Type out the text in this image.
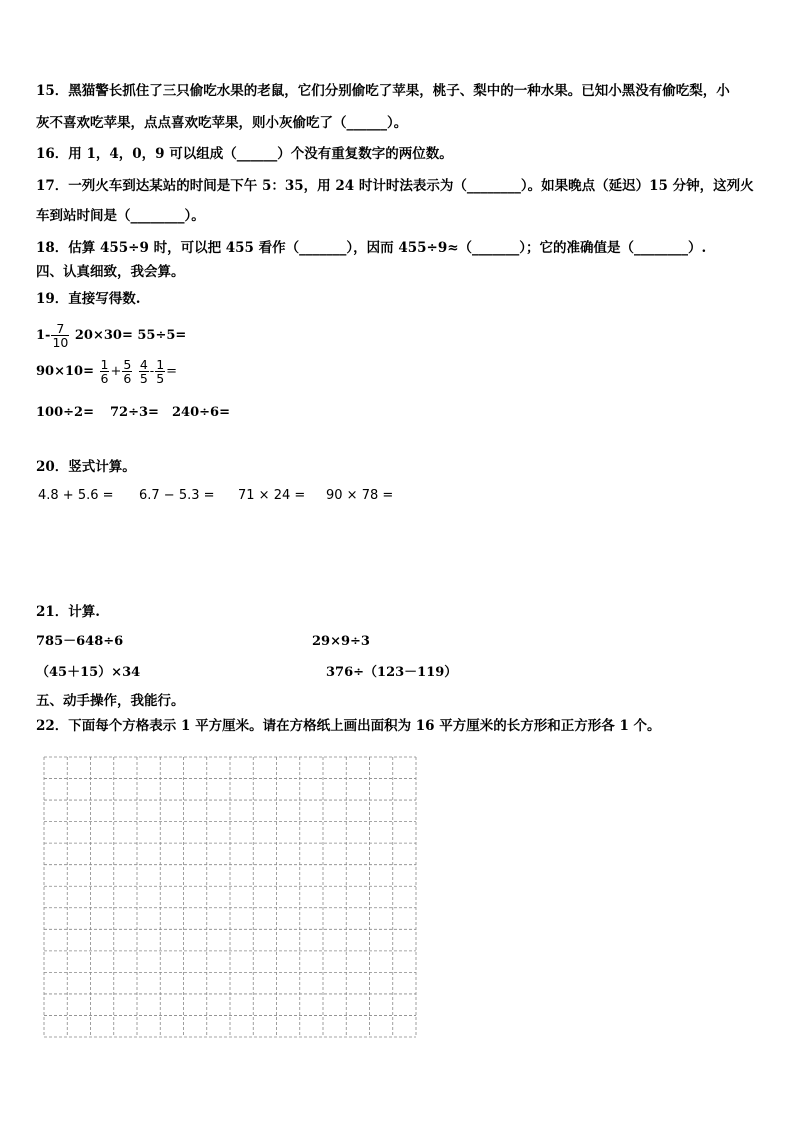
15．黑猫警长抓住了三只偷吃水果的老鼠，它们分别偷吃了苹果，桃子、梨中的一种水果。已知小黑没有偷吃梨，小
灰不喜欢吃苹果，点点喜欢吃苹果，则小灰偷吃了（______）。
16．用 1，4，0，9 可以组成（______）个没有重复数字的两位数。
17．一列火车到达某站的时间是下午 5：35，用 24 时计时法表示为（________）。如果晚点（延迟）15 分钟，这列火
车到站时间是（________）。
18．估算 455÷9 时，可以把 455 看作（_______），因而 455÷9≈（_______）；它的准确值是（________）.
四、认真细致，我会算。
19．直接写得数.
$1- \frac{7}{10} 20\times 30= 55\div 5=$
$90\times 10= \frac{1}{6} + \frac{5}{6}$
$\frac{4}{5} - \frac{1}{5}$ =
100÷2= 72÷3= 240÷6=
20．竖式计算。
4.8 + 5.6 = 6.7 − 5.3 = 71 × 24 = 90 × 78 =
21．计算.
785－648÷6	29×9÷3
（45＋15）×34	376÷（123－119）
五、动手操作，我能行。
22．下面每个方格表示 1 平方厘米。请在方格纸上画出面积为 16 平方厘米的长方形和正方形各 1 个。
